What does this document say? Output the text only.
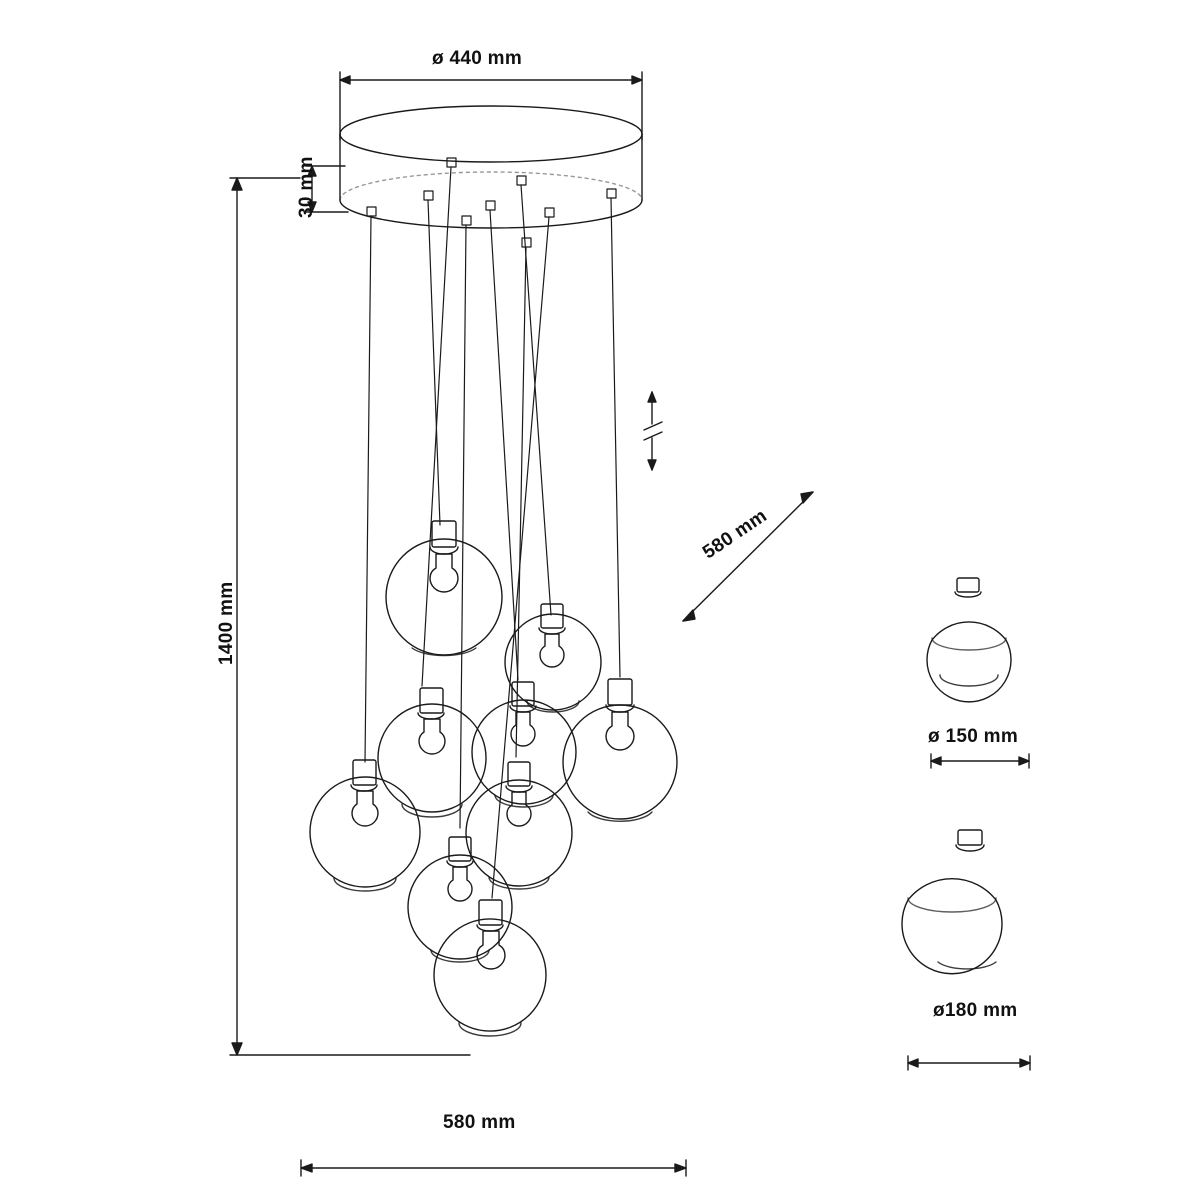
ø 440 mm
30 mm
1400 mm
580 mm
580 mm
ø 150 mm
ø180 mm
